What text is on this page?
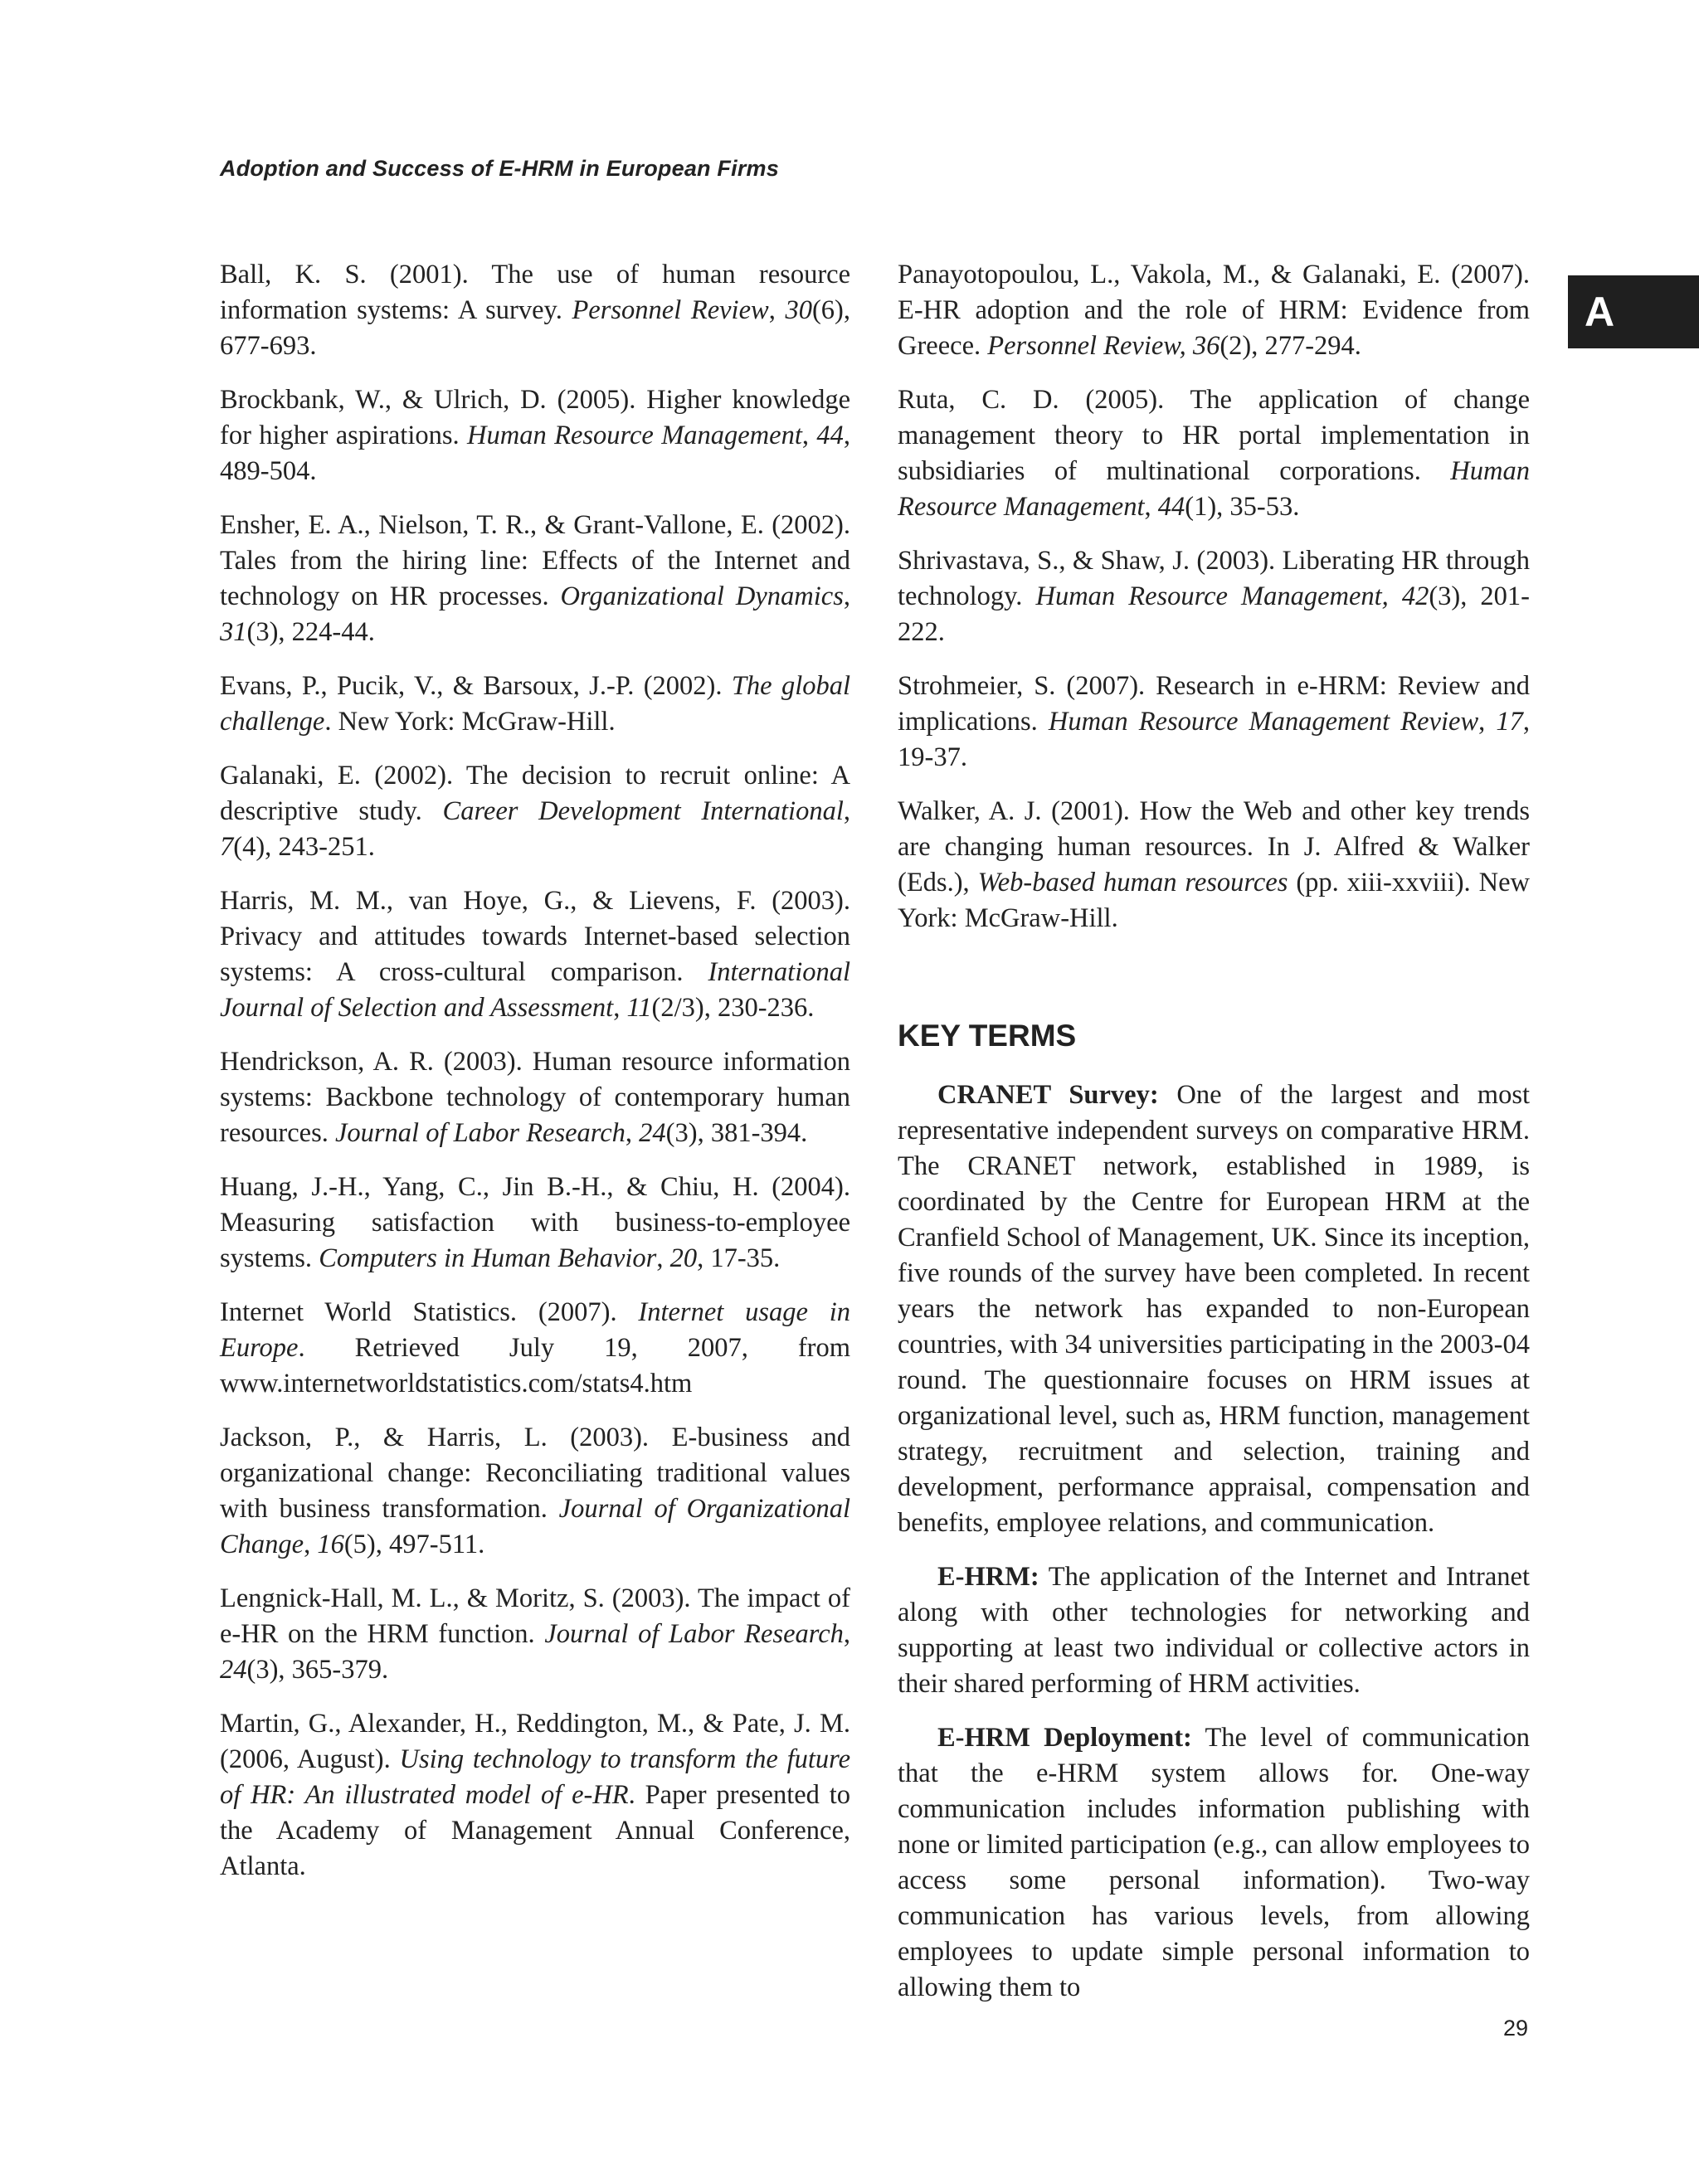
Adoption and Success of E-HRM in European Firms
A

Ball, K. S. (2001). The use of human resource information systems: A survey. Personnel Review, 30(6), 677-693.

Brockbank, W., & Ulrich, D. (2005). Higher knowledge for higher aspirations. Human Resource Management, 44, 489-504.

Ensher, E. A., Nielson, T. R., & Grant-Vallone, E. (2002). Tales from the hiring line: Effects of the Internet and technology on HR processes. Organizational Dynamics, 31(3), 224-44.

Evans, P., Pucik, V., & Barsoux, J.-P. (2002). The global challenge. New York: McGraw-Hill.

Galanaki, E. (2002). The decision to recruit online: A descriptive study. Career Development International, 7(4), 243-251.

Harris, M. M., van Hoye, G., & Lievens, F. (2003). Privacy and attitudes towards Internet-based selection systems: A cross-cultural comparison. International Journal of Selection and Assessment, 11(2/3), 230-236.

Hendrickson, A. R. (2003). Human resource information systems: Backbone technology of contemporary human resources. Journal of Labor Research, 24(3), 381-394.

Huang, J.-H., Yang, C., Jin B.-H., & Chiu, H. (2004). Measuring satisfaction with business-to-employee systems. Computers in Human Behavior, 20, 17-35.

Internet World Statistics. (2007). Internet usage in Europe. Retrieved July 19, 2007, from www.internetworldstatistics.com/stats4.htm

Jackson, P., & Harris, L. (2003). E-business and organizational change: Reconciliating traditional values with business transformation. Journal of Organizational Change, 16(5), 497-511.

Lengnick-Hall, M. L., & Moritz, S. (2003). The impact of e-HR on the HRM function. Journal of Labor Research, 24(3), 365-379.

Martin, G., Alexander, H., Reddington, M., & Pate, J. M. (2006, August). Using technology to transform the future of HR: An illustrated model of e-HR. Paper presented to the Academy of Management Annual Conference, Atlanta.

Panayotopoulou, L., Vakola, M., & Galanaki, E. (2007). E-HR adoption and the role of HRM: Evidence from Greece. Personnel Review, 36(2), 277-294.

Ruta, C. D. (2005). The application of change management theory to HR portal implementation in subsidiaries of multinational corporations. Human Resource Management, 44(1), 35-53.

Shrivastava, S., & Shaw, J. (2003). Liberating HR through technology. Human Resource Management, 42(3), 201-222.

Strohmeier, S. (2007). Research in e-HRM: Review and implications. Human Resource Management Review, 17, 19-37.

Walker, A. J. (2001). How the Web and other key trends are changing human resources. In J. Alfred & Walker (Eds.), Web-based human resources (pp. xiii-xxviii). New York: McGraw-Hill.

KEY TERMS

CRANET Survey: One of the largest and most representative independent surveys on comparative HRM. The CRANET network, established in 1989, is coordinated by the Centre for European HRM at the Cranfield School of Management, UK. Since its inception, five rounds of the survey have been completed. In recent years the network has expanded to non-European countries, with 34 universities participating in the 2003-04 round. The questionnaire focuses on HRM issues at organizational level, such as, HRM function, management strategy, recruitment and selection, training and development, performance appraisal, compensation and benefits, employee relations, and communication.

E-HRM: The application of the Internet and Intranet along with other technologies for networking and supporting at least two individual or collective actors in their shared performing of HRM activities.

E-HRM Deployment: The level of communication that the e-HRM system allows for. One-way communication includes information publishing with none or limited participation (e.g., can allow employees to access some personal information). Two-way communication has various levels, from allowing employees to update simple personal information to allowing them to

29
